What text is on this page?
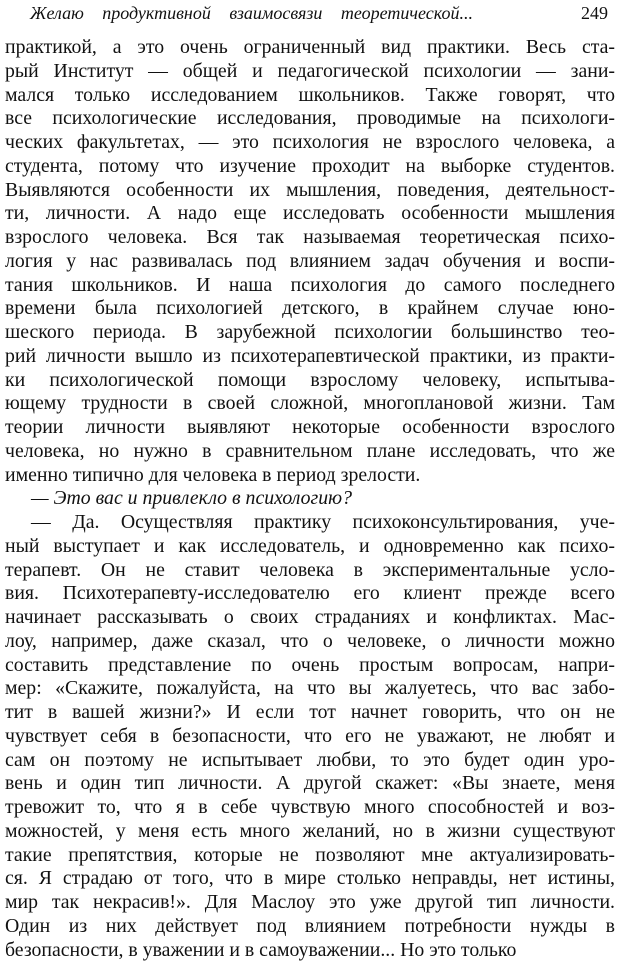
Желаю продуктивной взаимосвязи теоретической...	249
практикой, а это очень ограниченный вид практики. Весь ста-
рый Институт — общей и педагогической психологии — зани-
мался только исследованием школьников. Также говорят, что
все психологические исследования, проводимые на психологи-
ческих факультетах, — это психология не взрослого человека, а
студента, потому что изучение проходит на выборке студентов.
Выявляются особенности их мышления, поведения, деятельност-
ти, личности. А надо еще исследовать особенности мышления
взрослого человека. Вся так называемая теоретическая психо-
логия у нас развивалась под влиянием задач обучения и воспи-
тания школьников. И наша психология до самого последнего
времени была психологией детского, в крайнем случае юно-
шеского периода. В зарубежной психологии большинство тео-
рий личности вышло из психотерапевтической практики, из практи-
ки психологической помощи взрослому человеку, испытыва-
ющему трудности в своей сложной, многоплановой жизни. Там
теории личности выявляют некоторые особенности взрослого
человека, но нужно в сравнительном плане исследовать, что же
именно типично для человека в период зрелости.
— Это вас и привлекло в психологию?
— Да. Осуществляя практику психоконсультирования, уче-
ный выступает и как исследователь, и одновременно как психо-
терапевт. Он не ставит человека в экспериментальные усло-
вия. Психотерапевту-исследователю его клиент прежде всего
начинает рассказывать о своих страданиях и конфликтах. Мас-
лоу, например, даже сказал, что о человеке, о личности можно
составить представление по очень простым вопросам, напри-
мер: «Скажите, пожалуйста, на что вы жалуетесь, что вас забо-
тит в вашей жизни?» И если тот начнет говорить, что он не
чувствует себя в безопасности, что его не уважают, не любят и
сам он поэтому не испытывает любви, то это будет один уро-
вень и один тип личности. А другой скажет: «Вы знаете, меня
тревожит то, что я в себе чувствую много способностей и воз-
можностей, у меня есть много желаний, но в жизни существуют
такие препятствия, которые не позволяют мне актуализировать-
ся. Я страдаю от того, что в мире столько неправды, нет истины,
мир так некрасив!». Для Маслоу это уже другой тип личности.
Один из них действует под влиянием потребности нужды в
безопасности, в уважении и в самоуважении... Но это только
